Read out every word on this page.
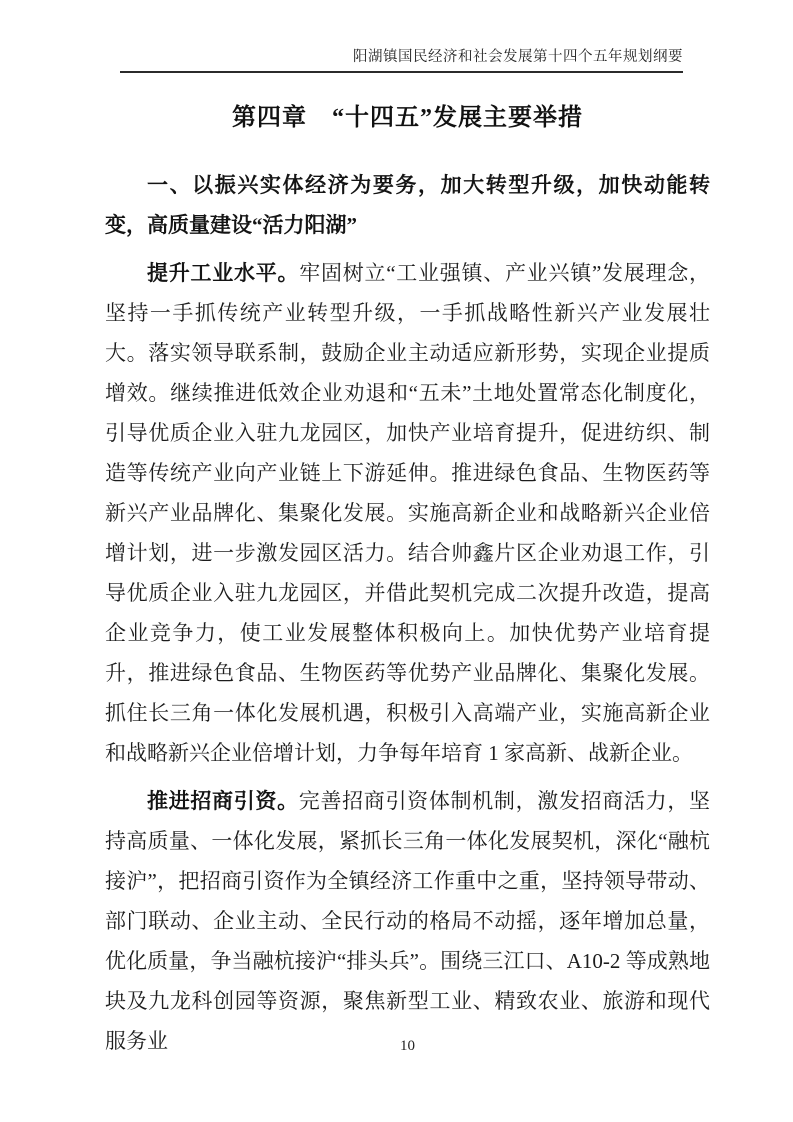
阳湖镇国民经济和社会发展第十四个五年规划纲要
第四章　“十四五”发展主要举措

一、以振兴实体经济为要务，加大转型升级，加快动能转变，高质量建设“活力阳湖”

提升工业水平。牢固树立“工业强镇、产业兴镇”发展理念，坚持一手抓传统产业转型升级，一手抓战略性新兴产业发展壮大。落实领导联系制，鼓励企业主动适应新形势，实现企业提质增效。继续推进低效企业劝退和“五未”土地处置常态化制度化，引导优质企业入驻九龙园区，加快产业培育提升，促进纺织、制造等传统产业向产业链上下游延伸。推进绿色食品、生物医药等新兴产业品牌化、集聚化发展。实施高新企业和战略新兴企业倍增计划，进一步激发园区活力。结合帅鑫片区企业劝退工作，引导优质企业入驻九龙园区，并借此契机完成二次提升改造，提高企业竞争力，使工业发展整体积极向上。加快优势产业培育提升，推进绿色食品、生物医药等优势产业品牌化、集聚化发展。抓住长三角一体化发展机遇，积极引入高端产业，实施高新企业和战略新兴企业倍增计划，力争每年培育 1 家高新、战新企业。

推进招商引资。完善招商引资体制机制，激发招商活力，坚持高质量、一体化发展，紧抓长三角一体化发展契机，深化“融杭接沪”，把招商引资作为全镇经济工作重中之重，坚持领导带动、部门联动、企业主动、全民行动的格局不动摇，逐年增加总量，优化质量，争当融杭接沪“排头兵”。围绕三江口、A10-2 等成熟地块及九龙科创园等资源，聚焦新型工业、精致农业、旅游和现代服务业	10
